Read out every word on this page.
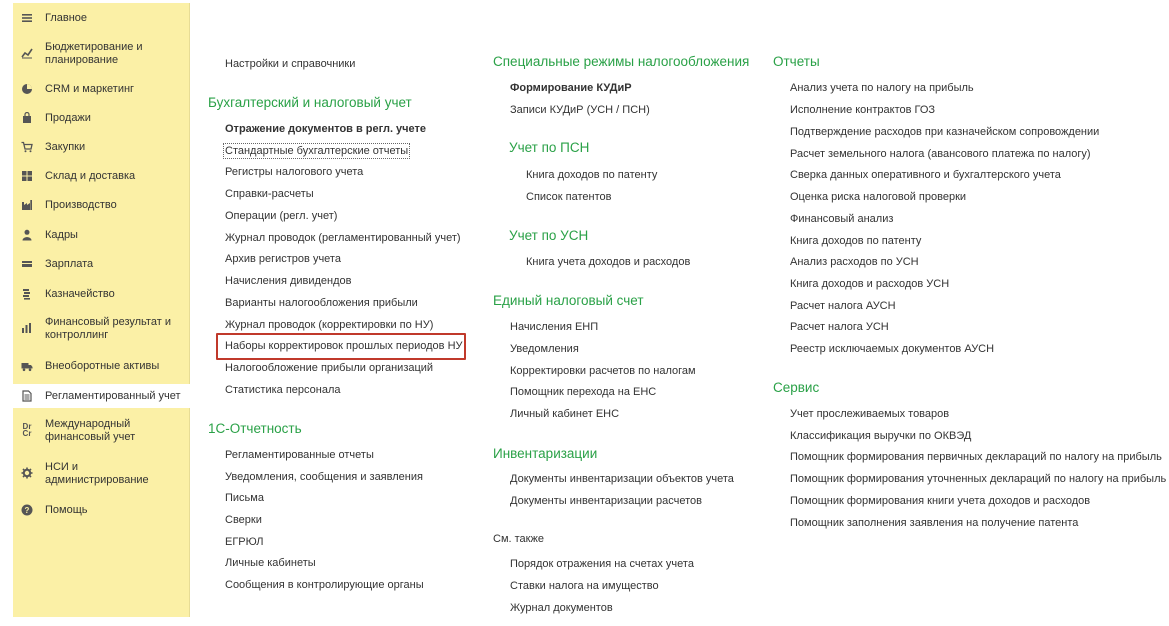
Главное
Бюджетирование и планирование
CRM и маркетинг
Продажи
Закупки
Склад и доставка
Производство
Кадры
Зарплата
Казначейство
Финансовый результат и контроллинг
Внеоборотные активы
Регламентированный учет
Dr
Cr
Международный финансовый учет
НСИ и администрирование
? Помощь
Настройки и справочники
Бухгалтерский и налоговый учет
Отражение документов в регл. учете
Стандартные бухгалтерские отчеты
Регистры налогового учета
Справки-расчеты
Операции (регл. учет)
Журнал проводок (регламентированный учет)
Архив регистров учета
Начисления дивидендов
Варианты налогообложения прибыли
Журнал проводок (корректировки по НУ)
Наборы корректировок прошлых периодов НУ
Налогообложение прибыли организаций
Статистика персонала
1С-Отчетность
Регламентированные отчеты
Уведомления, сообщения и заявления
Письма
Сверки
ЕГРЮЛ
Личные кабинеты
Сообщения в контролирующие органы
Специальные режимы налогообложения
Формирование КУДиР
Записи КУДиР (УСН / ПСН)
Учет по ПСН
Книга доходов по патенту
Список патентов
Учет по УСН
Книга учета доходов и расходов
Единый налоговый счет
Начисления ЕНП
Уведомления
Корректировки расчетов по налогам
Помощник перехода на ЕНС
Личный кабинет ЕНС
Инвентаризации
Документы инвентаризации объектов учета
Документы инвентаризации расчетов
См. также
Порядок отражения на счетах учета
Ставки налога на имущество
Журнал документов
Отчеты
Анализ учета по налогу на прибыль
Исполнение контрактов ГОЗ
Подтверждение расходов при казначейском сопровождении
Расчет земельного налога (авансового платежа по налогу)
Сверка данных оперативного и бухгалтерского учета
Оценка риска налоговой проверки
Финансовый анализ
Книга доходов по патенту
Анализ расходов по УСН
Книга доходов и расходов УСН
Расчет налога АУСН
Расчет налога УСН
Реестр исключаемых документов АУСН
Сервис
Учет прослеживаемых товаров
Классификация выручки по ОКВЭД
Помощник формирования первичных деклараций по налогу на прибыль
Помощник формирования уточненных деклараций по налогу на прибыль
Помощник формирования книги учета доходов и расходов
Помощник заполнения заявления на получение патента
